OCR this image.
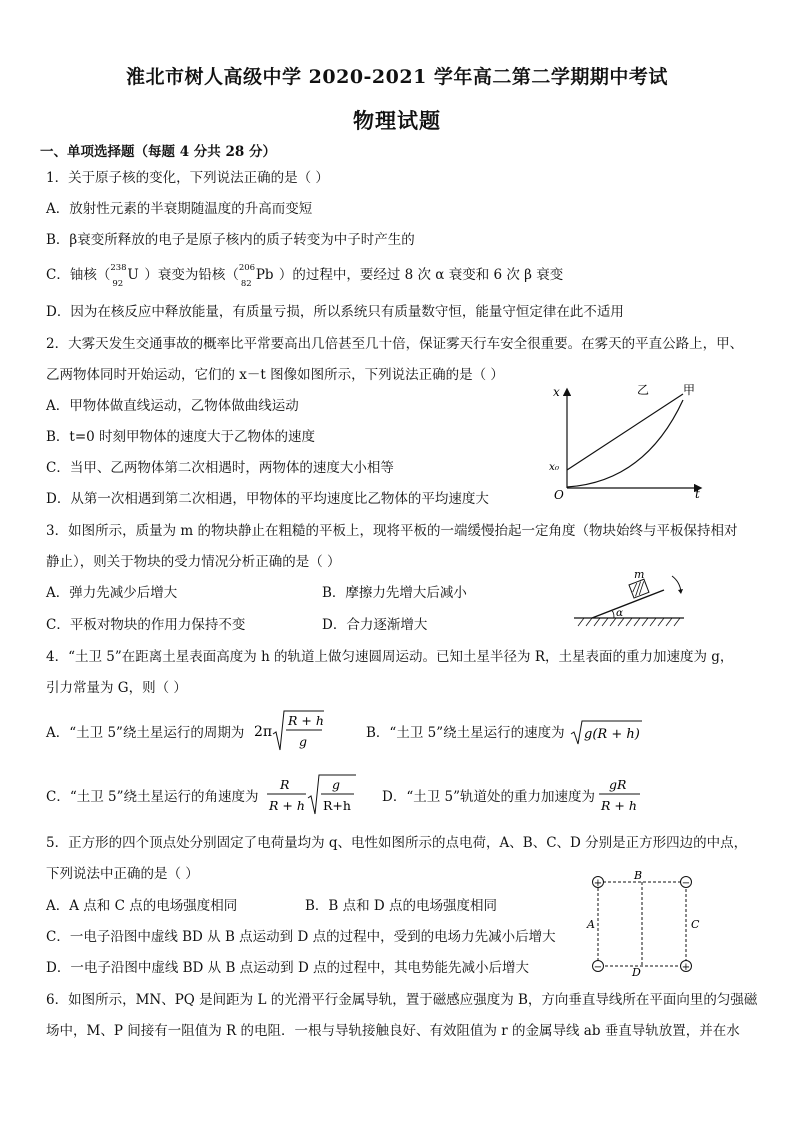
淮北市树人高级中学 2020-2021 学年高二第二学期期中考试
物理试题
一、单项选择题（每题 4 分共 28 分）
1．关于原子核的变化，下列说法正确的是（ ）
A．放射性元素的半衰期随温度的升高而变短
B．β衰变所释放的电子是原子核内的质子转变为中子时产生的
C．铀核（ 238
92
U ）衰变为铅核（ 206
82
Pb ）的过程中，要经过 8 次 α 衰变和 6 次 β 衰变
D．因为在核反应中释放能量，有质量亏损，所以系统只有质量数守恒，能量守恒定律在此不适用
2．大雾天发生交通事故的概率比平常要高出几倍甚至几十倍，保证雾天行车安全很重要。在雾天的平直公路上，甲、
乙两物体同时开始运动，它们的 x－t 图像如图所示，下列说法正确的是（ ）
A．甲物体做直线运动，乙物体做曲线运动
B．t=0 时刻甲物体的速度大于乙物体的速度
C．当甲、乙两物体第二次相遇时，两物体的速度大小相等
D．从第一次相遇到第二次相遇，甲物体的平均速度比乙物体的平均速度大
x
t
O
x₀
乙	甲
3．如图所示，质量为 m 的物块静止在粗糙的平板上，现将平板的一端缓慢抬起一定角度（物块始终与平板保持相对
静止），则关于物块的受力情况分析正确的是（ ）
A．弹力先减少后增大	B．摩擦力先增大后减小
C．平板对物块的作用力保持不变	D．合力逐渐增大
m
α
4．“土卫 5”在距离土星表面高度为 h 的轨道上做匀速圆周运动。已知土星半径为 R，土星表面的重力加速度为 g，
引力常量为 G，则（ ）
A．“土卫 5”绕土星运行的周期为 2π
R + h
g
B．“土卫 5”绕土星运行的速度为 g(R + h)
C．“土卫 5”绕土星运行的角速度为
R
R + h
g
R+h
D．“土卫 5”轨道处的重力加速度为
gR
R + h
5．正方形的四个顶点处分别固定了电荷量均为 q、电性如图所示的点电荷，A、B、C、D 分别是正方形四边的中点，
下列说法中正确的是（ ）
A．A 点和 C 点的电场强度相同	B．B 点和 D 点的电场强度相同
C．一电子沿图中虚线 BD 从 B 点运动到 D 点的过程中，受到的电场力先减小后增大
D．一电子沿图中虚线 BD 从 B 点运动到 D 点的过程中，其电势能先减小后增大
+	−
−	+
A
B
C
D
6．如图所示，MN、PQ 是间距为 L 的光滑平行金属导轨，置于磁感应强度为 B，方向垂直导线所在平面向里的匀强磁
场中，M、P 间接有一阻值为 R 的电阻．一根与导轨接触良好、有效阻值为 r 的金属导线 ab 垂直导轨放置，并在水
